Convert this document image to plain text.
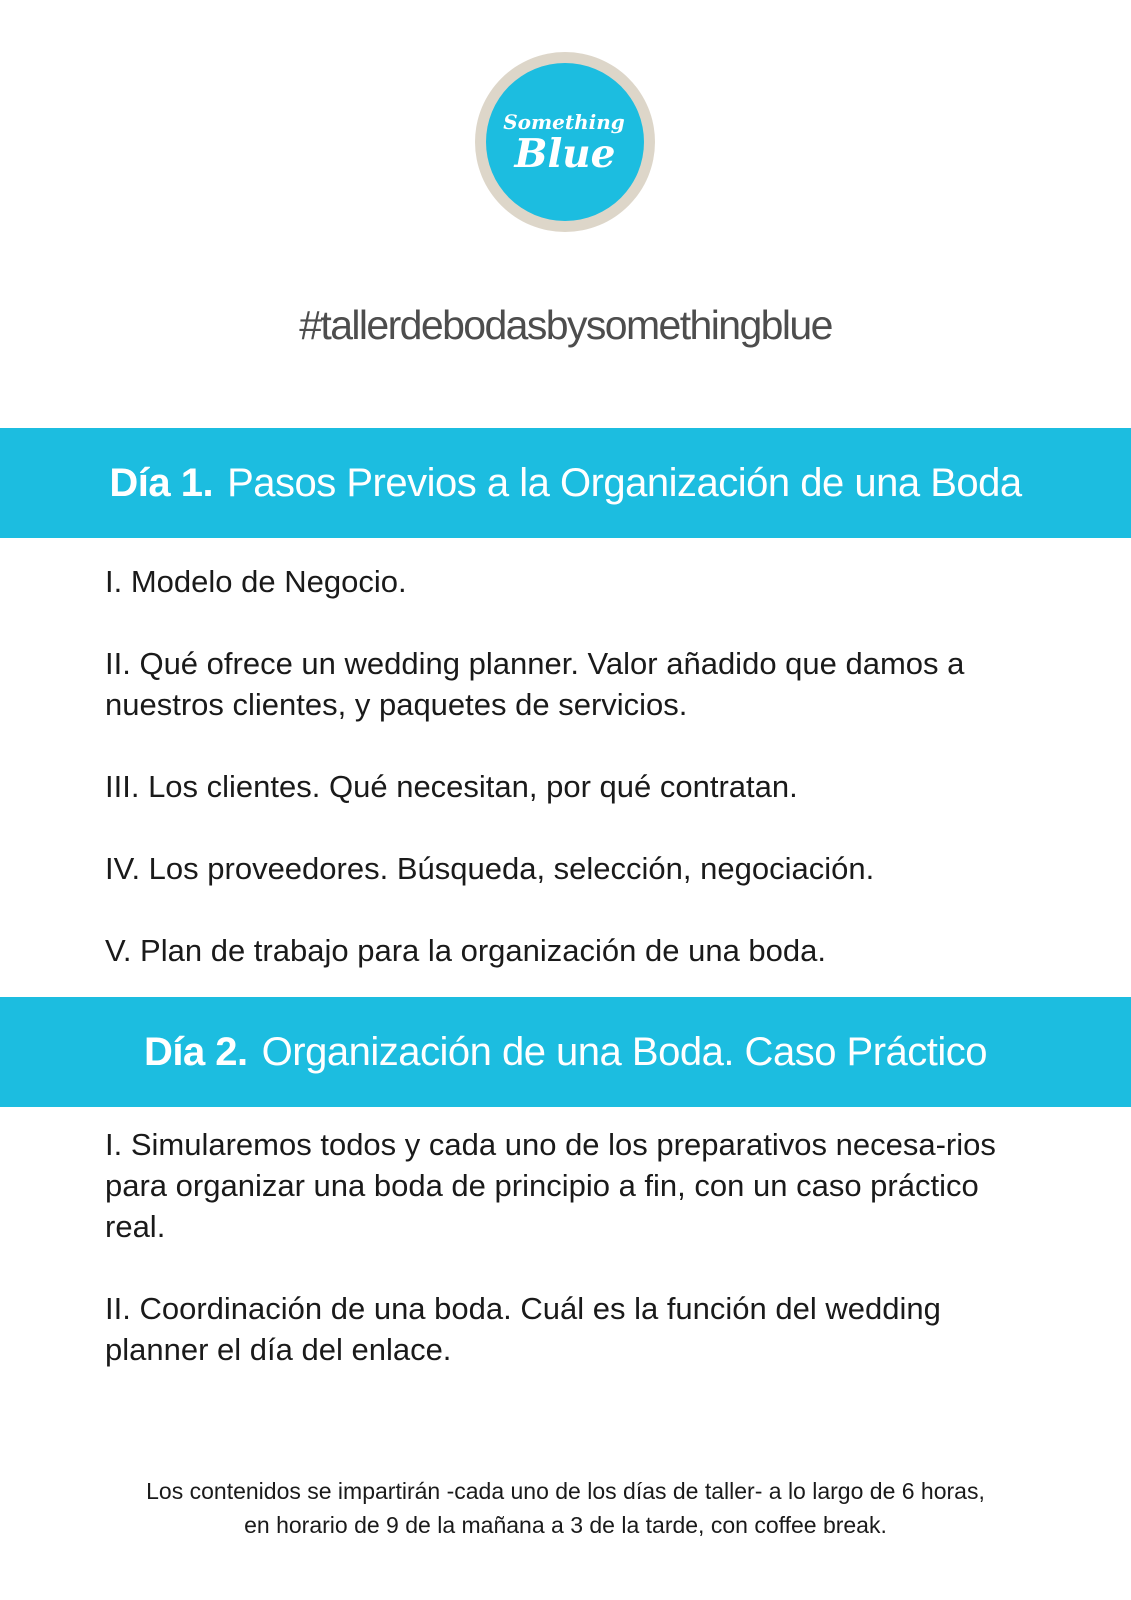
Something
Blue
#tallerdebodasbysomethingblue
Día 1. Pasos Previos a la Organización de una Boda

I. Modelo de Negocio.

II. Qué ofrece un wedding planner. Valor añadido que damos a nuestros clientes, y paquetes de servicios.

III. Los clientes. Qué necesitan, por qué contratan.

IV. Los proveedores. Búsqueda, selección, negociación.

V. Plan de trabajo para la organización de una boda.

Día 2. Organización de una Boda. Caso Práctico

I. Simularemos todos y cada uno de los preparativos necesa-rios para organizar una boda de principio a fin, con un caso práctico real.

II. Coordinación de una boda. Cuál es la función del wedding planner el día del enlace.

Los contenidos se impartirán -cada uno de los días de taller- a lo largo de 6 horas,
en horario de 9 de la mañana a 3 de la tarde, con coffee break.
